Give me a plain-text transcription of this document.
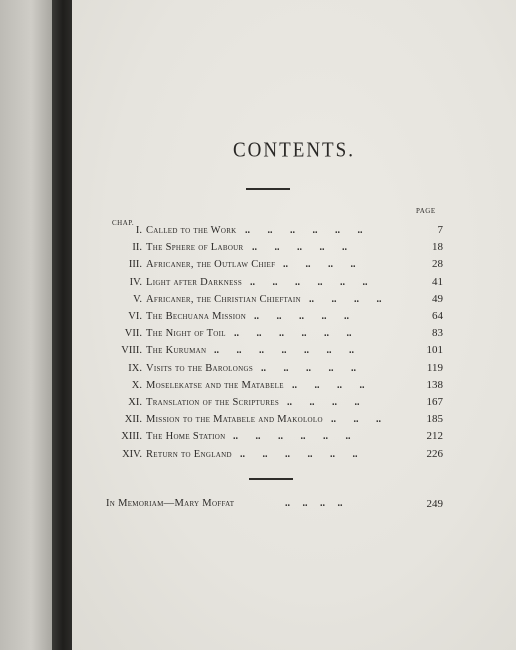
CONTENTS.
CHAP.
PAGE
I. Called to the Work ..       ..       ..       ..       ..       ..	7
II. The Sphere of Labour ..       ..       ..       ..       ..	18
III. Africaner, the Outlaw Chief ..       ..       ..       ..	28
IV. Light after Darkness ..       ..       ..       ..       ..       ..	41
V. Africaner, the Christian Chieftain ..       ..       ..       ..	49
VI. The Bechuana Mission ..       ..       ..       ..       ..	64
VII. The Night of Toil ..       ..       ..       ..       ..       ..	83
VIII. The Kuruman ..       ..       ..       ..       ..       ..       ..	101
IX. Visits to the Barolongs ..       ..       ..       ..       ..	119
X. Moselekatse and the Matabele ..       ..       ..       ..	138
XI. Translation of the Scriptures ..       ..       ..       ..	167
XII. Mission to the Matabele and Makololo ..       ..       ..	185
XIII. The Home Station ..       ..       ..       ..       ..       ..	212
XIV. Return to England ..       ..       ..       ..       ..       ..	226
In Memoriam—Mary Moffat	..     ..     ..     ..	249
